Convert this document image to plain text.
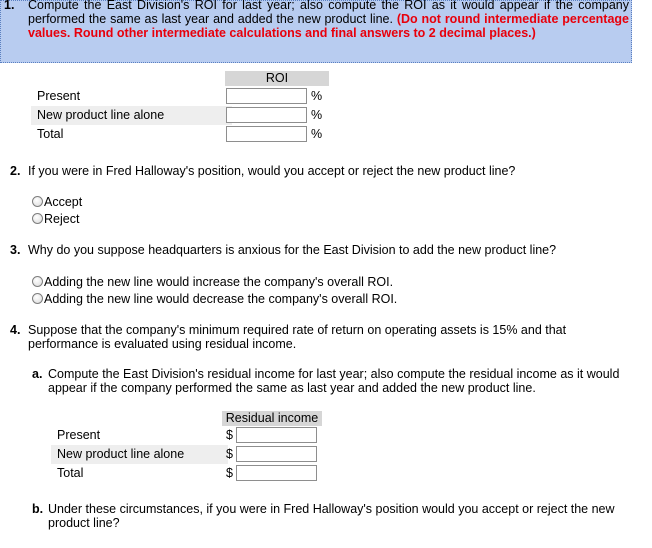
1. Compute the East Division's ROI for last year; also compute the ROI as it would appear if the company performed the same as last year and added the new product line. (Do not round intermediate percentage values. Round other intermediate calculations and final answers to 2 decimal places.)
ROI
Present
New product line alone
Total
%
%
%
2. If you were in Fred Halloway's position, would you accept or reject the new product line?
Accept
Reject
3. Why do you suppose headquarters is anxious for the East Division to add the new product line?
Adding the new line would increase the company's overall ROI.
Adding the new line would decrease the company's overall ROI.
4. Suppose that the company's minimum required rate of return on operating assets is 15% and that performance is evaluated using residual income.
a. Compute the East Division's residual income for last year; also compute the residual income as it would appear if the company performed the same as last year and added the new product line.
Residual income
Present
New product line alone
Total
$
$
$
b. Under these circumstances, if you were in Fred Halloway's position would you accept or reject the new product line?
